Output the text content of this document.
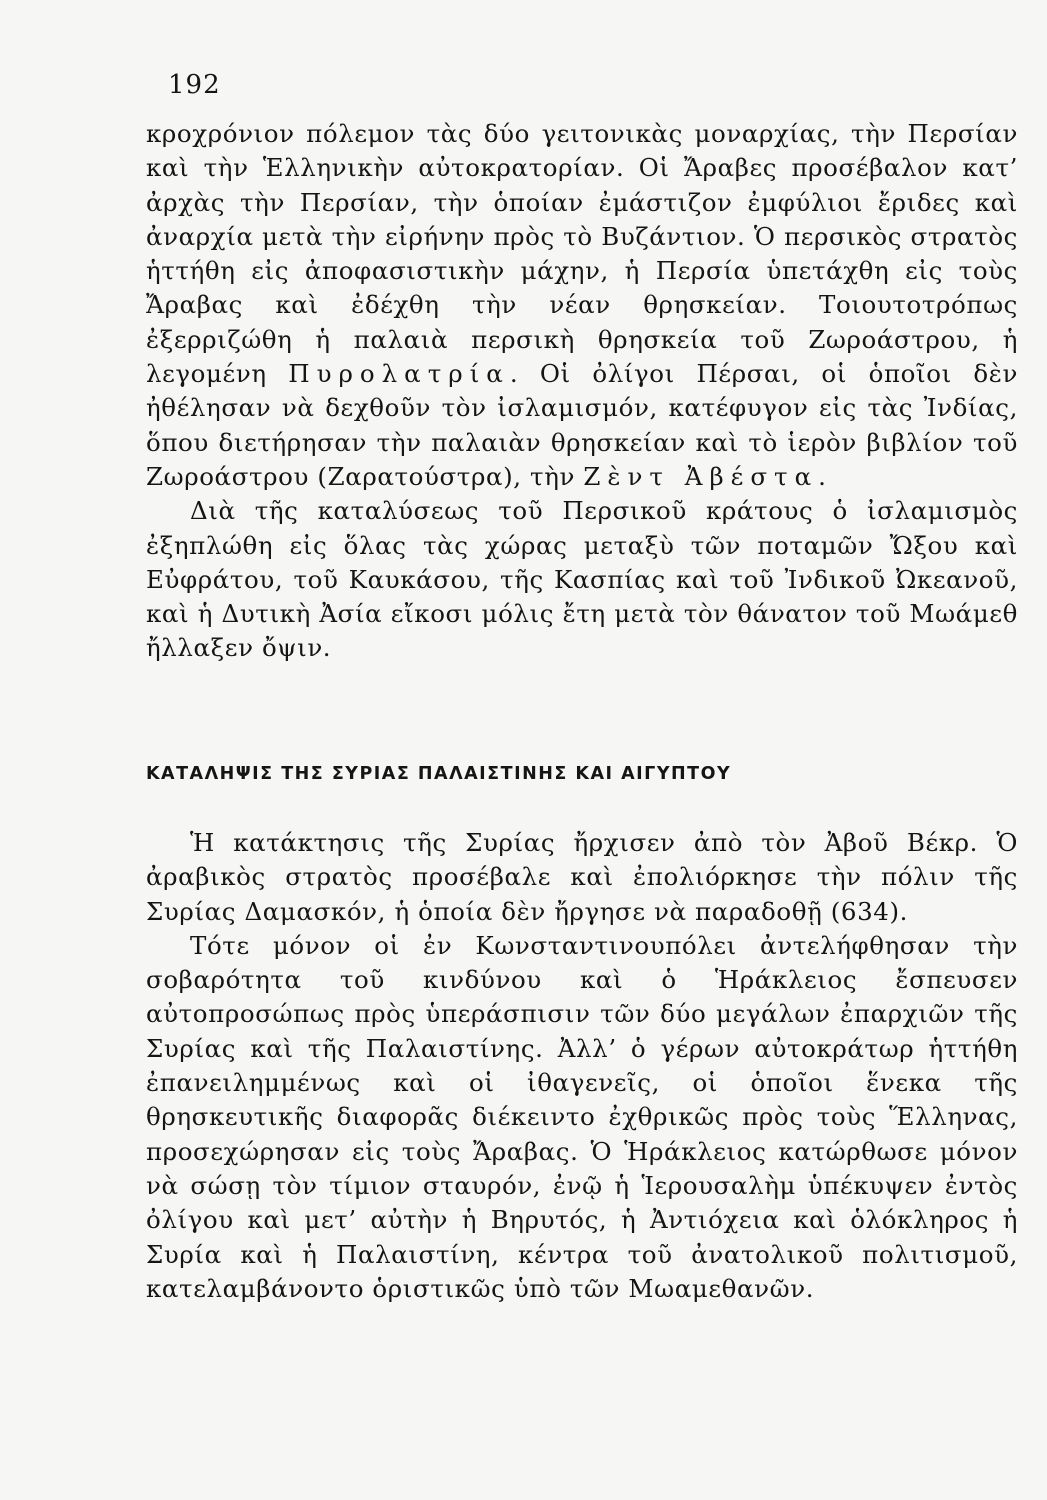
192

κροχρόνιον πόλεμον τὰς δύο γειτονικὰς μοναρχίας, τὴν Περσίαν καὶ τὴν Ἑλληνικὴν αὐτοκρατορίαν. Οἱ Ἄραβες προσέβαλον κατ’ ἀρχὰς τὴν Περσίαν, τὴν ὁποίαν ἐμάστιζον ἐμφύλιοι ἔριδες καὶ ἀναρχία μετὰ τὴν εἰρήνην πρὸς τὸ Βυζάντιον. Ὁ περσικὸς στρατὸς ἡττήθη εἰς ἀποφασιστικὴν μάχην, ἡ Περσία ὑπετάχθη εἰς τοὺς Ἄραβας καὶ ἐδέχθη τὴν νέαν θρησκείαν. Τοιουτοτρόπως ἐξερριζώθη ἡ παλαιὰ περσικὴ θρησκεία τοῦ Ζωροάστρου, ἡ λεγομένη Πυρολατρία. Οἱ ὀλίγοι Πέρσαι, οἱ ὁποῖοι δὲν ἠθέλησαν νὰ δεχθοῦν τὸν ἰσλαμισμόν, κατέφυγον εἰς τὰς Ἰνδίας, ὅπου διετήρησαν τὴν παλαιὰν θρησκείαν καὶ τὸ ἱερὸν βιβλίον τοῦ Ζωροάστρου (Ζαρατούστρα), τὴν Ζὲντ Ἀβέστα.

Διὰ τῆς καταλύσεως τοῦ Περσικοῦ κράτους ὁ ἰσλαμισμὸς ἐξηπλώθη εἰς ὅλας τὰς χώρας μεταξὺ τῶν ποταμῶν Ὤξου καὶ Εὐφράτου, τοῦ Καυκάσου, τῆς Κασπίας καὶ τοῦ Ἰνδικοῦ Ὠκεανοῦ, καὶ ἡ Δυτικὴ Ἀσία εἴκοσι μόλις ἔτη μετὰ τὸν θάνατον τοῦ Μωάμεθ ἤλλαξεν ὄψιν.

ΚΑΤΑΛΗΨΙΣ ΤΗΣ ΣΥΡΙΑΣ ΠΑΛΑΙΣΤΙΝΗΣ ΚΑΙ ΑΙΓΥΠΤΟΥ

Ἡ κατάκτησις τῆς Συρίας ἤρχισεν ἀπὸ τὸν Ἀβοῦ Βέκρ. Ὁ ἀραβικὸς στρατὸς προσέβαλε καὶ ἐπολιόρκησε τὴν πόλιν τῆς Συρίας Δαμασκόν, ἡ ὁποία δὲν ἤργησε νὰ παραδοθῇ (634).

Τότε μόνον οἱ ἐν Κωνσταντινουπόλει ἀντελήφθησαν τὴν σοβαρότητα τοῦ κινδύνου καὶ ὁ Ἡράκλειος ἔσπευσεν αὐτοπροσώπως πρὸς ὑπεράσπισιν τῶν δύο μεγάλων ἐπαρχιῶν τῆς Συρίας καὶ τῆς Παλαιστίνης. Ἀλλ’ ὁ γέρων αὐτοκράτωρ ἡττήθη ἐπανειλημμένως καὶ οἱ ἰθαγενεῖς, οἱ ὁποῖοι ἕνεκα τῆς θρησκευτικῆς διαφορᾶς διέκειντο ἐχθρικῶς πρὸς τοὺς Ἕλληνας, προσεχώρησαν εἰς τοὺς Ἄραβας. Ὁ Ἡράκλειος κατώρθωσε μόνον νὰ σώσῃ τὸν τίμιον σταυρόν, ἐνῷ ἡ Ἱερουσαλὴμ ὑπέκυψεν ἐντὸς ὀλίγου καὶ μετ’ αὐτὴν ἡ Βηρυτός, ἡ Ἀντιόχεια καὶ ὁλόκληρος ἡ Συρία καὶ ἡ Παλαιστίνη, κέντρα τοῦ ἀνατολικοῦ πολιτισμοῦ, κατελαμβάνοντο ὁριστικῶς ὑπὸ τῶν Μωαμεθανῶν.
